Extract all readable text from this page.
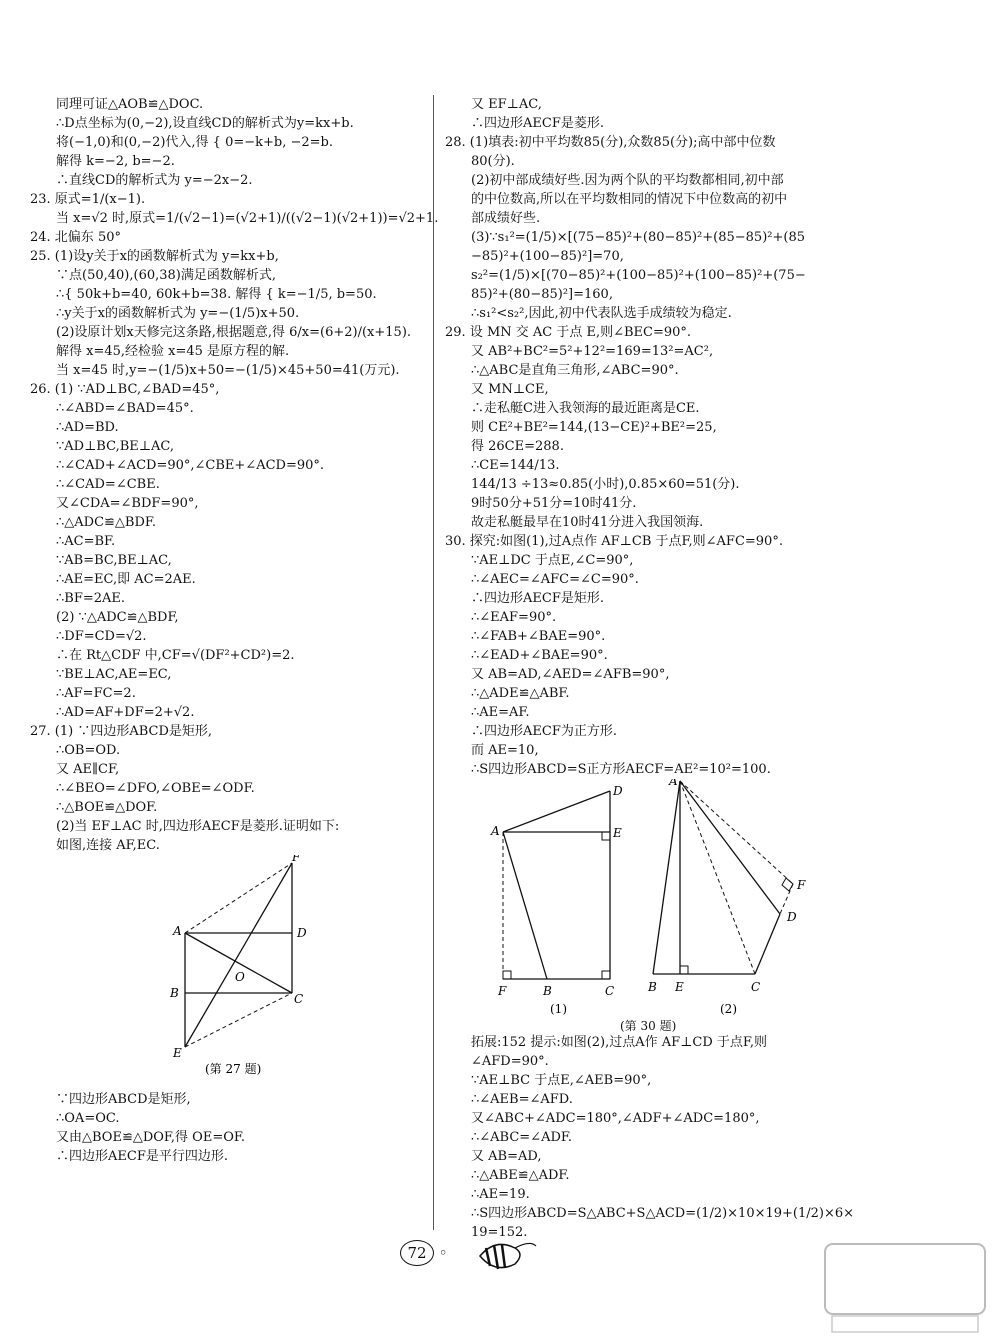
同理可证△AOB≌△DOC.
∴D点坐标为(0,−2),设直线CD的解析式为y=kx+b.
将(−1,0)和(0,−2)代入,得 { 0=−k+b, −2=b.
解得 k=−2, b=−2.
∴直线CD的解析式为 y=−2x−2.
23. 原式=1/(x−1).
当 x=√2 时,原式=1/(√2−1)=(√2+1)/((√2−1)(√2+1))=√2+1.
24. 北偏东 50°
25. (1)设y关于x的函数解析式为 y=kx+b,
∵点(50,40),(60,38)满足函数解析式,
∴{ 50k+b=40, 60k+b=38. 解得 { k=−1/5, b=50.
∴y关于x的函数解析式为 y=−(1/5)x+50.
(2)设原计划x天修完这条路,根据题意,得 6/x=(6+2)/(x+15).
解得 x=45,经检验 x=45 是原方程的解.
当 x=45 时,y=−(1/5)x+50=−(1/5)×45+50=41(万元).
26. (1) ∵AD⊥BC,∠BAD=45°,
∴∠ABD=∠BAD=45°.
∴AD=BD.
∵AD⊥BC,BE⊥AC,
∴∠CAD+∠ACD=90°,∠CBE+∠ACD=90°.
∴∠CAD=∠CBE.
又∠CDA=∠BDF=90°,
∴△ADC≌△BDF.
∴AC=BF.
∵AB=BC,BE⊥AC,
∴AE=EC,即 AC=2AE.
∴BF=2AE.
(2) ∵△ADC≌△BDF,
∴DF=CD=√2.
∴在 Rt△CDF 中,CF=√(DF²+CD²)=2.
∵BE⊥AC,AE=EC,
∴AF=FC=2.
∴AD=AF+DF=2+√2.
27. (1) ∵四边形ABCD是矩形,
∴OB=OD.
又 AE∥CF,
∴∠BEO=∠DFO,∠OBE=∠ODF.
∴△BOE≌△DOF.
(2)当 EF⊥AC 时,四边形AECF是菱形.证明如下:
如图,连接 AF,EC.
F
A	D
O
B	C
E
(第 27 题)
∵四边形ABCD是矩形,
∴OA=OC.
又由△BOE≌△DOF,得 OE=OF.
∴四边形AECF是平行四边形.
又 EF⊥AC,
∴四边形AECF是菱形.
28. (1)填表:初中平均数85(分),众数85(分);高中部中位数
80(分).
(2)初中部成绩好些.因为两个队的平均数都相同,初中部
的中位数高,所以在平均数相同的情况下中位数高的初中
部成绩好些.
(3)∵s₁²=(1/5)×[(75−85)²+(80−85)²+(85−85)²+(85
−85)²+(100−85)²]=70,
s₂²=(1/5)×[(70−85)²+(100−85)²+(100−85)²+(75−
85)²+(80−85)²]=160,
∴s₁²<s₂²,因此,初中代表队选手成绩较为稳定.
29. 设 MN 交 AC 于点 E,则∠BEC=90°.
又 AB²+BC²=5²+12²=169=13²=AC²,
∴△ABC是直角三角形,∠ABC=90°.
又 MN⊥CE,
∴走私艇C进入我领海的最近距离是CE.
则 CE²+BE²=144,(13−CE)²+BE²=25,
得 26CE=288.
∴CE=144/13.
144/13 ÷13≈0.85(小时),0.85×60=51(分).
9时50分+51分=10时41分.
故走私艇最早在10时41分进入我国领海.
30. 探究:如图(1),过A点作 AF⊥CB 于点F,则∠AFC=90°.
∵AE⊥DC 于点E,∠C=90°,
∴∠AEC=∠AFC=∠C=90°.
∴四边形AECF是矩形.
∴∠EAF=90°.
∴∠FAB+∠BAE=90°.
∴∠EAD+∠BAE=90°.
又 AB=AD,∠AED=∠AFB=90°,
∴△ADE≌△ABF.
∴AE=AF.
∴四边形AECF为正方形.
而 AE=10,
∴S四边形ABCD=S正方形AECF=AE²=10²=100.
A
D
E
F	B	C
(1)
A
F
D
B E	C
(2)
(第 30 题)
拓展:152 提示:如图(2),过点A作 AF⊥CD 于点F,则
∠AFD=90°.
∵AE⊥BC 于点E,∠AEB=90°,
∴∠AEB=∠AFD.
又∠ABC+∠ADC=180°,∠ADF+∠ADC=180°,
∴∠ABC=∠ADF.
又 AB=AD,
∴△ABE≌△ADF.
∴AE=19.
∴S四边形ABCD=S△ABC+S△ACD=(1/2)×10×19+(1/2)×6×
19=152.
72 ◦
